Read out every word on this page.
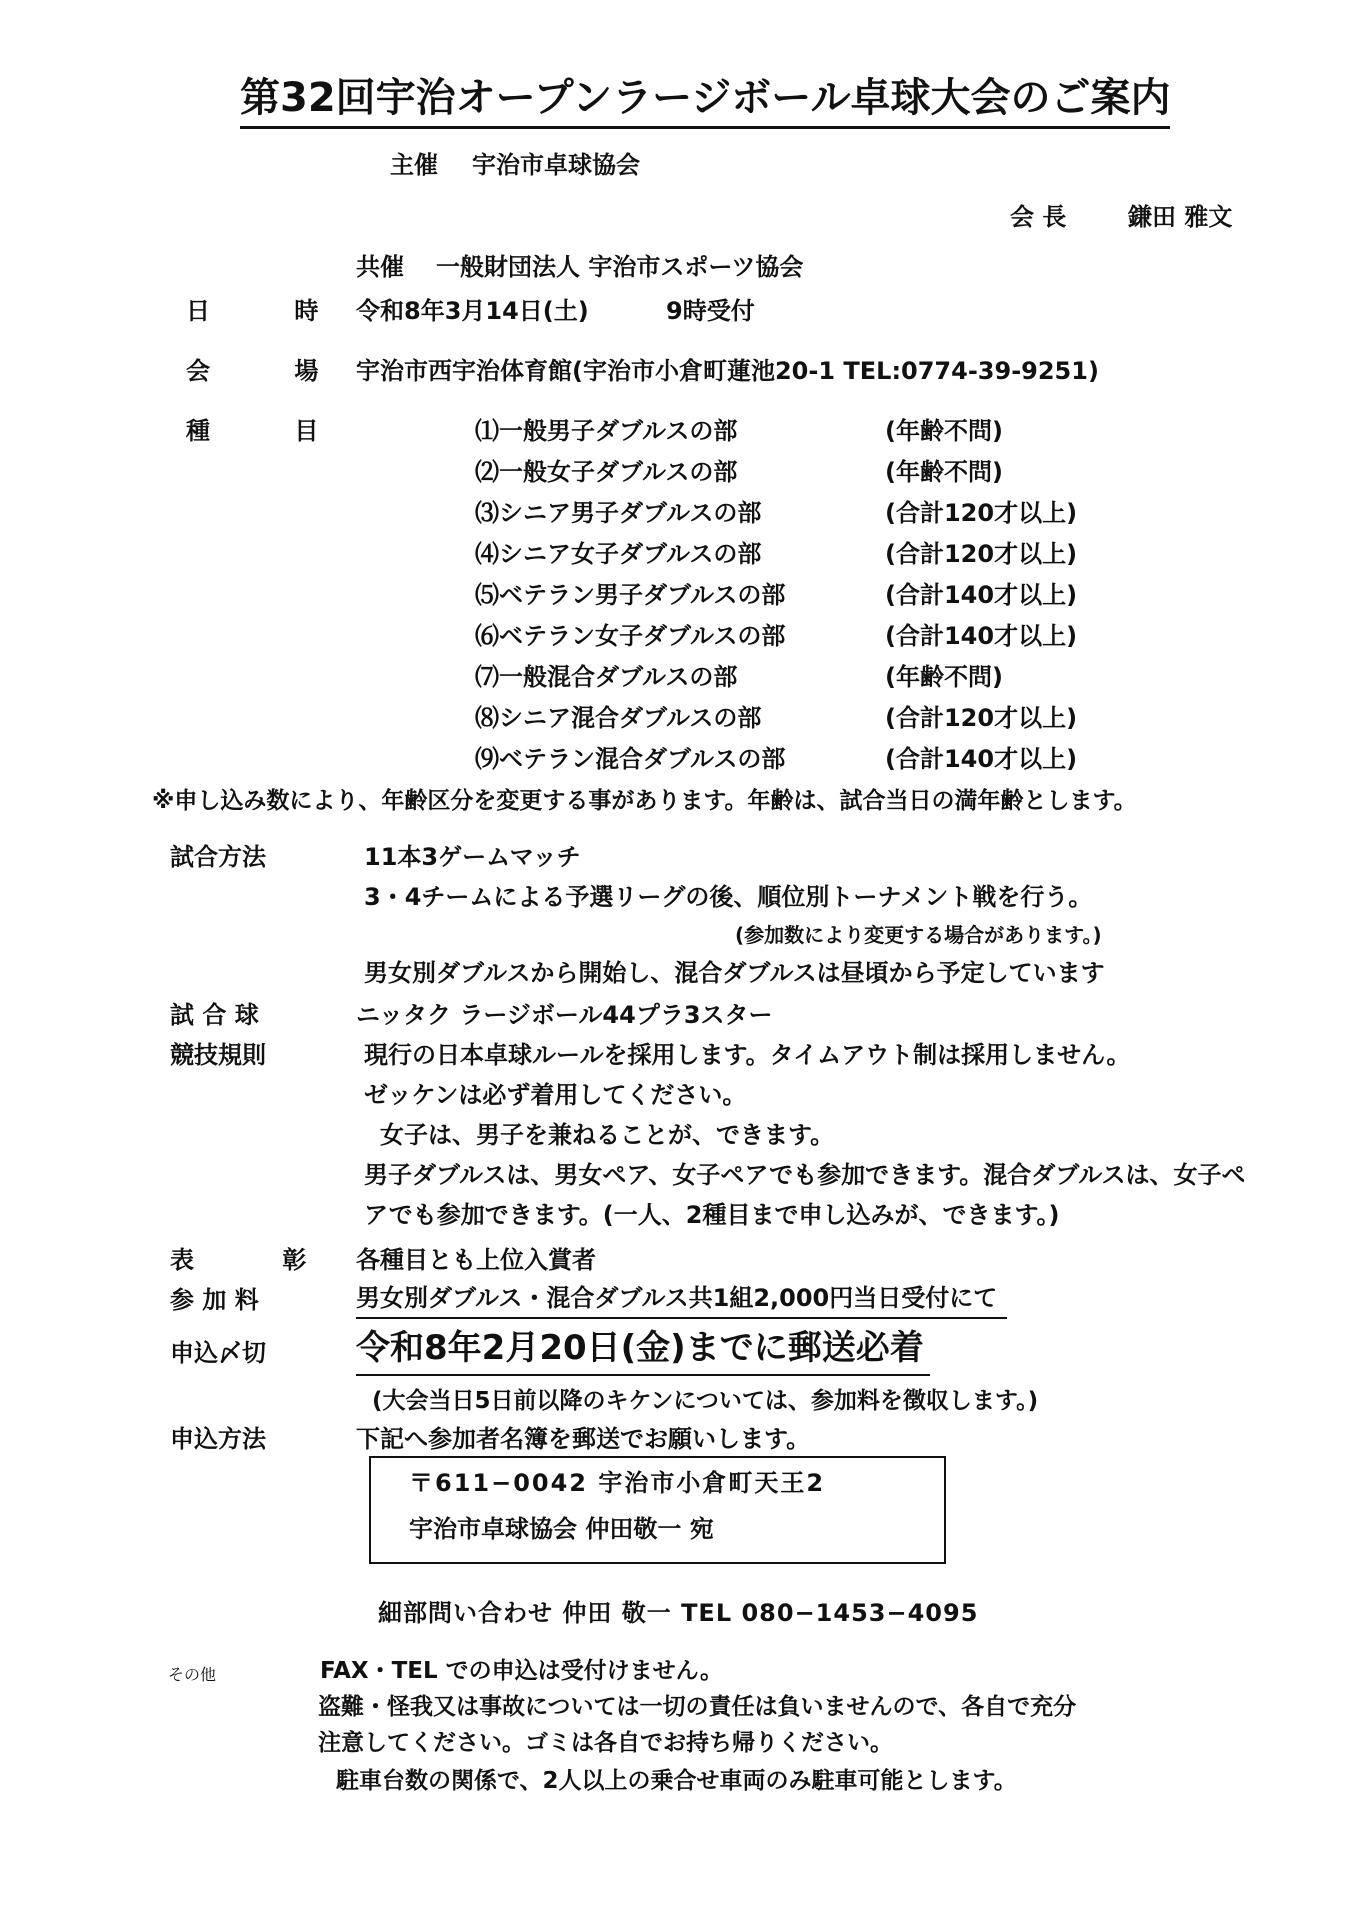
第32回宇治オープンラージボール卓球大会のご案内
主催 宇治市卓球協会
会 長	鎌田 雅文
共催 一般財団法人 宇治市スポーツ協会
日 時 令和8年3月14日(土)	9時受付
会 場 宇治市西宇治体育館(宇治市小倉町蓮池20-1 TEL:0774-39-9251)
種 目	⑴一般男子ダブルスの部	(年齢不問)
⑵一般女子ダブルスの部	(年齢不問)
⑶シニア男子ダブルスの部	(合計120才以上)
⑷シニア女子ダブルスの部	(合計120才以上)
⑸ベテラン男子ダブルスの部	(合計140才以上)
⑹ベテラン女子ダブルスの部	(合計140才以上)
⑺一般混合ダブルスの部	(年齢不問)
⑻シニア混合ダブルスの部	(合計120才以上)
⑼ベテラン混合ダブルスの部	(合計140才以上)
※申し込み数により、年齢区分を変更する事があります。年齢は、試合当日の満年齢とします。
試合方法	11本3ゲームマッチ
3・4チームによる予選リーグの後、順位別トーナメント戦を行う。
(参加数により変更する場合があります。)
男女別ダブルスから開始し、混合ダブルスは昼頃から予定しています
試 合 球	ニッタク ラージボール44プラ3スター
競技規則	現行の日本卓球ルールを採用します。タイムアウト制は採用しません。
ゼッケンは必ず着用してください。
女子は、男子を兼ねることが、できます。
男子ダブルスは、男女ペア、女子ペアでも参加できます。混合ダブルスは、女子ペ
アでも参加できます。(一人、2種目まで申し込みが、できます。)
表 彰 各種目とも上位入賞者
参 加 料	男女別ダブルス・混合ダブルス共1組2,000円当日受付にて
申込〆切	令和8年2月20日(金)までに郵送必着
(大会当日5日前以降のキケンについては、参加料を徴収します。)
申込方法	下記へ参加者名簿を郵送でお願いします。
〒611−0042 宇治市小倉町天王2
宇治市卓球協会 仲田敬一 宛
細部問い合わせ 仲田 敬一 TEL 080−1453−4095
その他	FAX・TEL での申込は受付けません。
盗難・怪我又は事故については一切の責任は負いませんので、各自で充分
注意してください。ゴミは各自でお持ち帰りください。
駐車台数の関係で、2人以上の乗合せ車両のみ駐車可能とします。
